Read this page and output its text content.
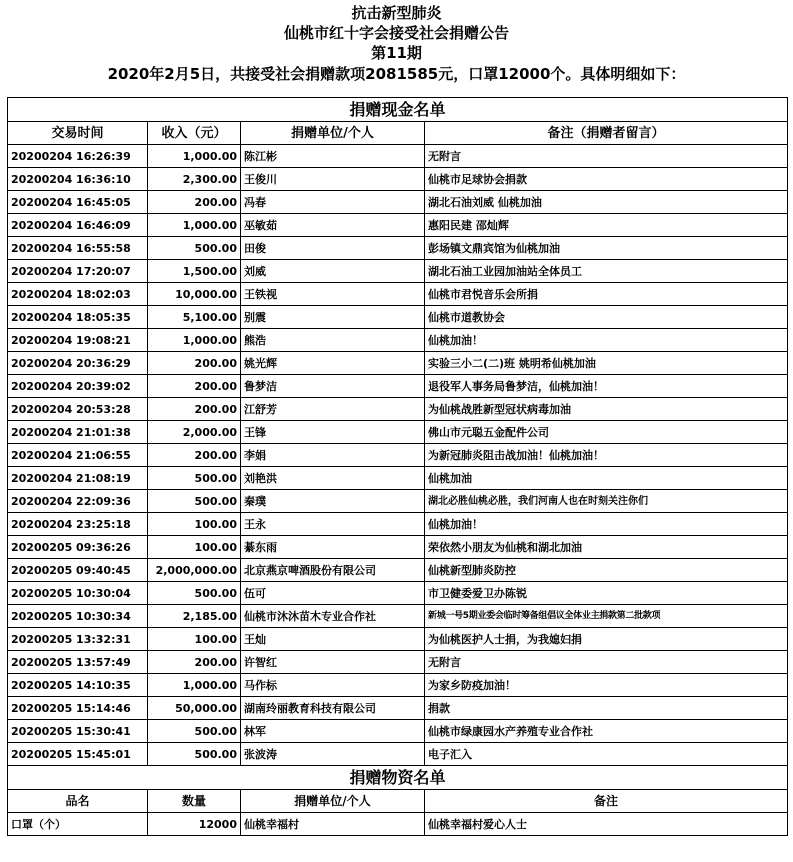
抗击新型肺炎
仙桃市红十字会接受社会捐赠公告
第11期
2020年2月5日，共接受社会捐赠款项2081585元，口罩12000个。具体明细如下：
捐赠现金名单			
交易时间	收入（元）	捐赠单位/个人	备注（捐赠者留言）
20200204 16:26:39	1,000.00	陈江彬	无附言
20200204 16:36:10	2,300.00	王俊川	仙桃市足球协会捐款
20200204 16:45:05	200.00	冯春	湖北石油刘威 仙桃加油
20200204 16:46:09	1,000.00	巫敏茹	惠阳民建 邵灿辉
20200204 16:55:58	500.00	田俊	彭场镇文鼎宾馆为仙桃加油
20200204 17:20:07	1,500.00	刘威	湖北石油工业园加油站全体员工
20200204 18:02:03	10,000.00	王铁视	仙桃市君悦音乐会所捐
20200204 18:05:35	5,100.00	别震	仙桃市道教协会
20200204 19:08:21	1,000.00	熊浩	仙桃加油！
20200204 20:36:29	200.00	姚光辉	实验三小二(二)班 姚明希仙桃加油
20200204 20:39:02	200.00	鲁梦洁	退役军人事务局鲁梦洁，仙桃加油！
20200204 20:53:28	200.00	江舒芳	为仙桃战胜新型冠状病毒加油
20200204 21:01:38	2,000.00	王锋	佛山市元聪五金配件公司
20200204 21:06:55	200.00	李娟	为新冠肺炎阻击战加油！仙桃加油！
20200204 21:08:19	500.00	刘艳洪	仙桃加油
20200204 22:09:36	500.00	秦璞	湖北必胜仙桃必胜，我们河南人也在时刻关注你们
20200204 23:25:18	100.00	王永	仙桃加油！
20200205 09:36:26	100.00	綦东雨	荣依然小朋友为仙桃和湖北加油
20200205 09:40:45	2,000,000.00	北京燕京啤酒股份有限公司	仙桃新型肺炎防控
20200205 10:30:04	500.00	伍可	市卫健委爱卫办陈锐
20200205 10:30:34	2,185.00	仙桃市沐沐苗木专业合作社	新城一号5期业委会临时筹备组倡议全体业主捐款第二批款项
20200205 13:32:31	100.00	王灿	为仙桃医护人士捐，为我媳妇捐
20200205 13:57:49	200.00	许智红	无附言
20200205 14:10:35	1,000.00	马作标	为家乡防疫加油！
20200205 15:14:46	50,000.00	湖南玲丽教育科技有限公司	捐款
20200205 15:30:41	500.00	林军	仙桃市绿康园水产养殖专业合作社
20200205 15:45:01	500.00	张波涛	电子汇入
捐赠物资名单			
品名	数量	捐赠单位/个人	备注
口罩（个）	12000	仙桃幸福村	仙桃幸福村爱心人士
